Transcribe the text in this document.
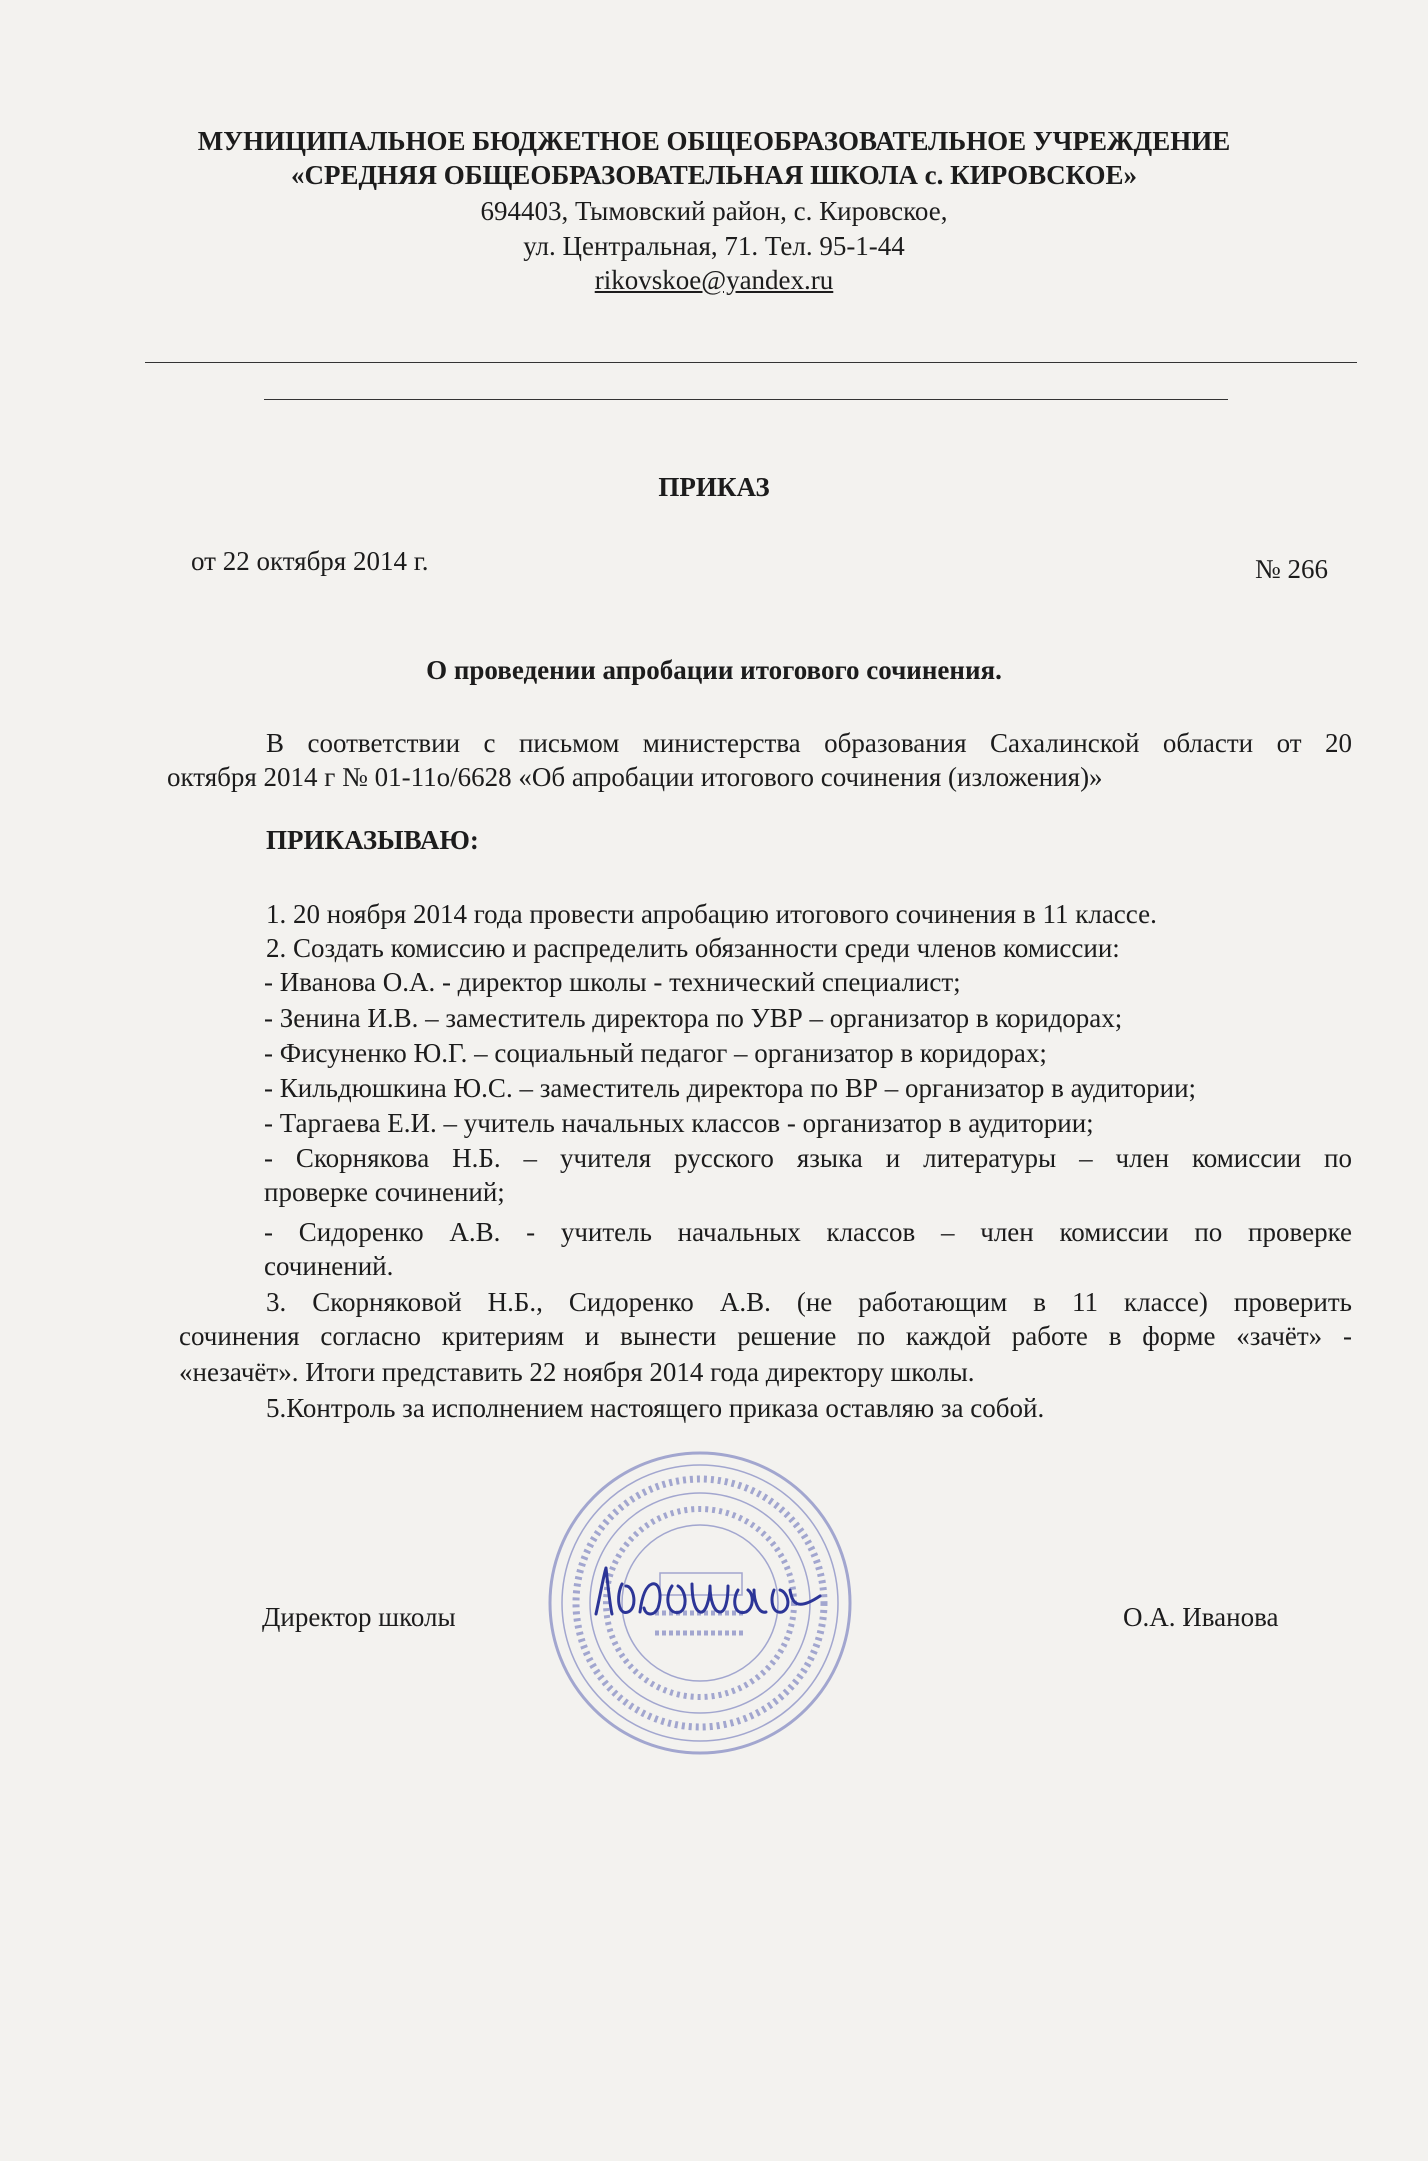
МУНИЦИПАЛЬНОЕ БЮДЖЕТНОЕ ОБЩЕОБРАЗОВАТЕЛЬНОЕ УЧРЕЖДЕНИЕ
«СРЕДНЯЯ ОБЩЕОБРАЗОВАТЕЛЬНАЯ ШКОЛА с. КИРОВСКОЕ»
694403, Тымовский район, с. Кировское,
ул. Центральная, 71. Тел. 95-1-44
rikovskoe@yandex.ru
ПРИКАЗ
от 22 октября 2014 г.	№ 266
О проведении апробации итогового сочинения.
В соответствии с письмом министерства образования Сахалинской области от 20
октября 2014 г № 01-11о/6628 «Об апробации итогового сочинения (изложения)»
ПРИКАЗЫВАЮ:
1. 20 ноября 2014 года провести апробацию итогового сочинения в 11 классе.
2. Создать комиссию и распределить обязанности среди членов комиссии:
- Иванова О.А. - директор школы - технический специалист;
- Зенина И.В. – заместитель директора по УВР – организатор в коридорах;
- Фисуненко Ю.Г. – социальный педагог – организатор в коридорах;
- Кильдюшкина Ю.С. – заместитель директора по ВР – организатор в аудитории;
- Таргаева Е.И. – учитель начальных классов - организатор в аудитории;
- Скорнякова Н.Б. – учителя русского языка и литературы – член комиссии по
проверке сочинений;
- Сидоренко А.В. - учитель начальных классов – член комиссии по проверке
сочинений.
3. Скорняковой Н.Б., Сидоренко А.В. (не работающим в 11 классе) проверить
сочинения согласно критериям и вынести решение по каждой работе в форме «зачёт» -
«незачёт». Итоги представить 22 ноября 2014 года директору школы.
5.Контроль за исполнением настоящего приказа оставляю за собой.
Директор школы	О.А. Иванова
